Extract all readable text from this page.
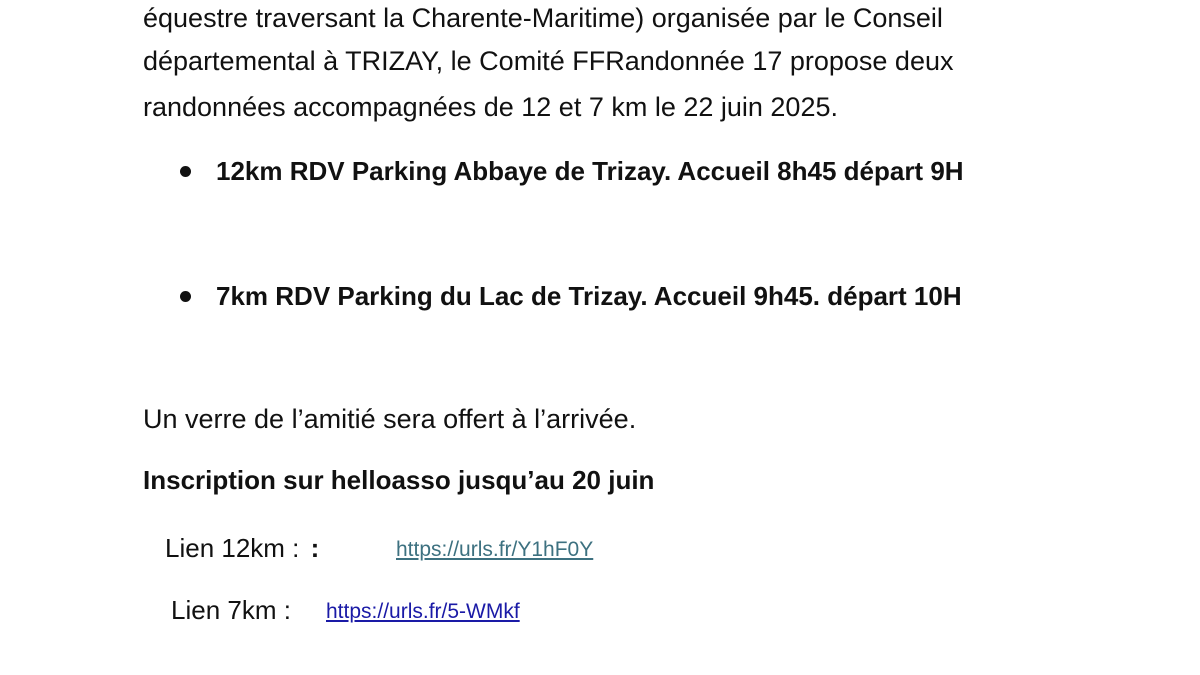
équestre traversant la Charente-Maritime) organisée par le Conseil
départemental à TRIZAY, le Comité FFRandonnée 17 propose deux
randonnées accompagnées de 12 et 7 km le 22 juin 2025.
12km RDV Parking Abbaye de Trizay. Accueil 8h45 départ 9H
7km RDV Parking du Lac de Trizay. Accueil 9h45. départ 10H
Un verre de l’amitié sera offert à l’arrivée.
Inscription sur helloasso jusqu’au 20 juin
Lien 12km : :	https://urls.fr/Y1hF0Y
Lien 7km : https://urls.fr/5-WMkf
